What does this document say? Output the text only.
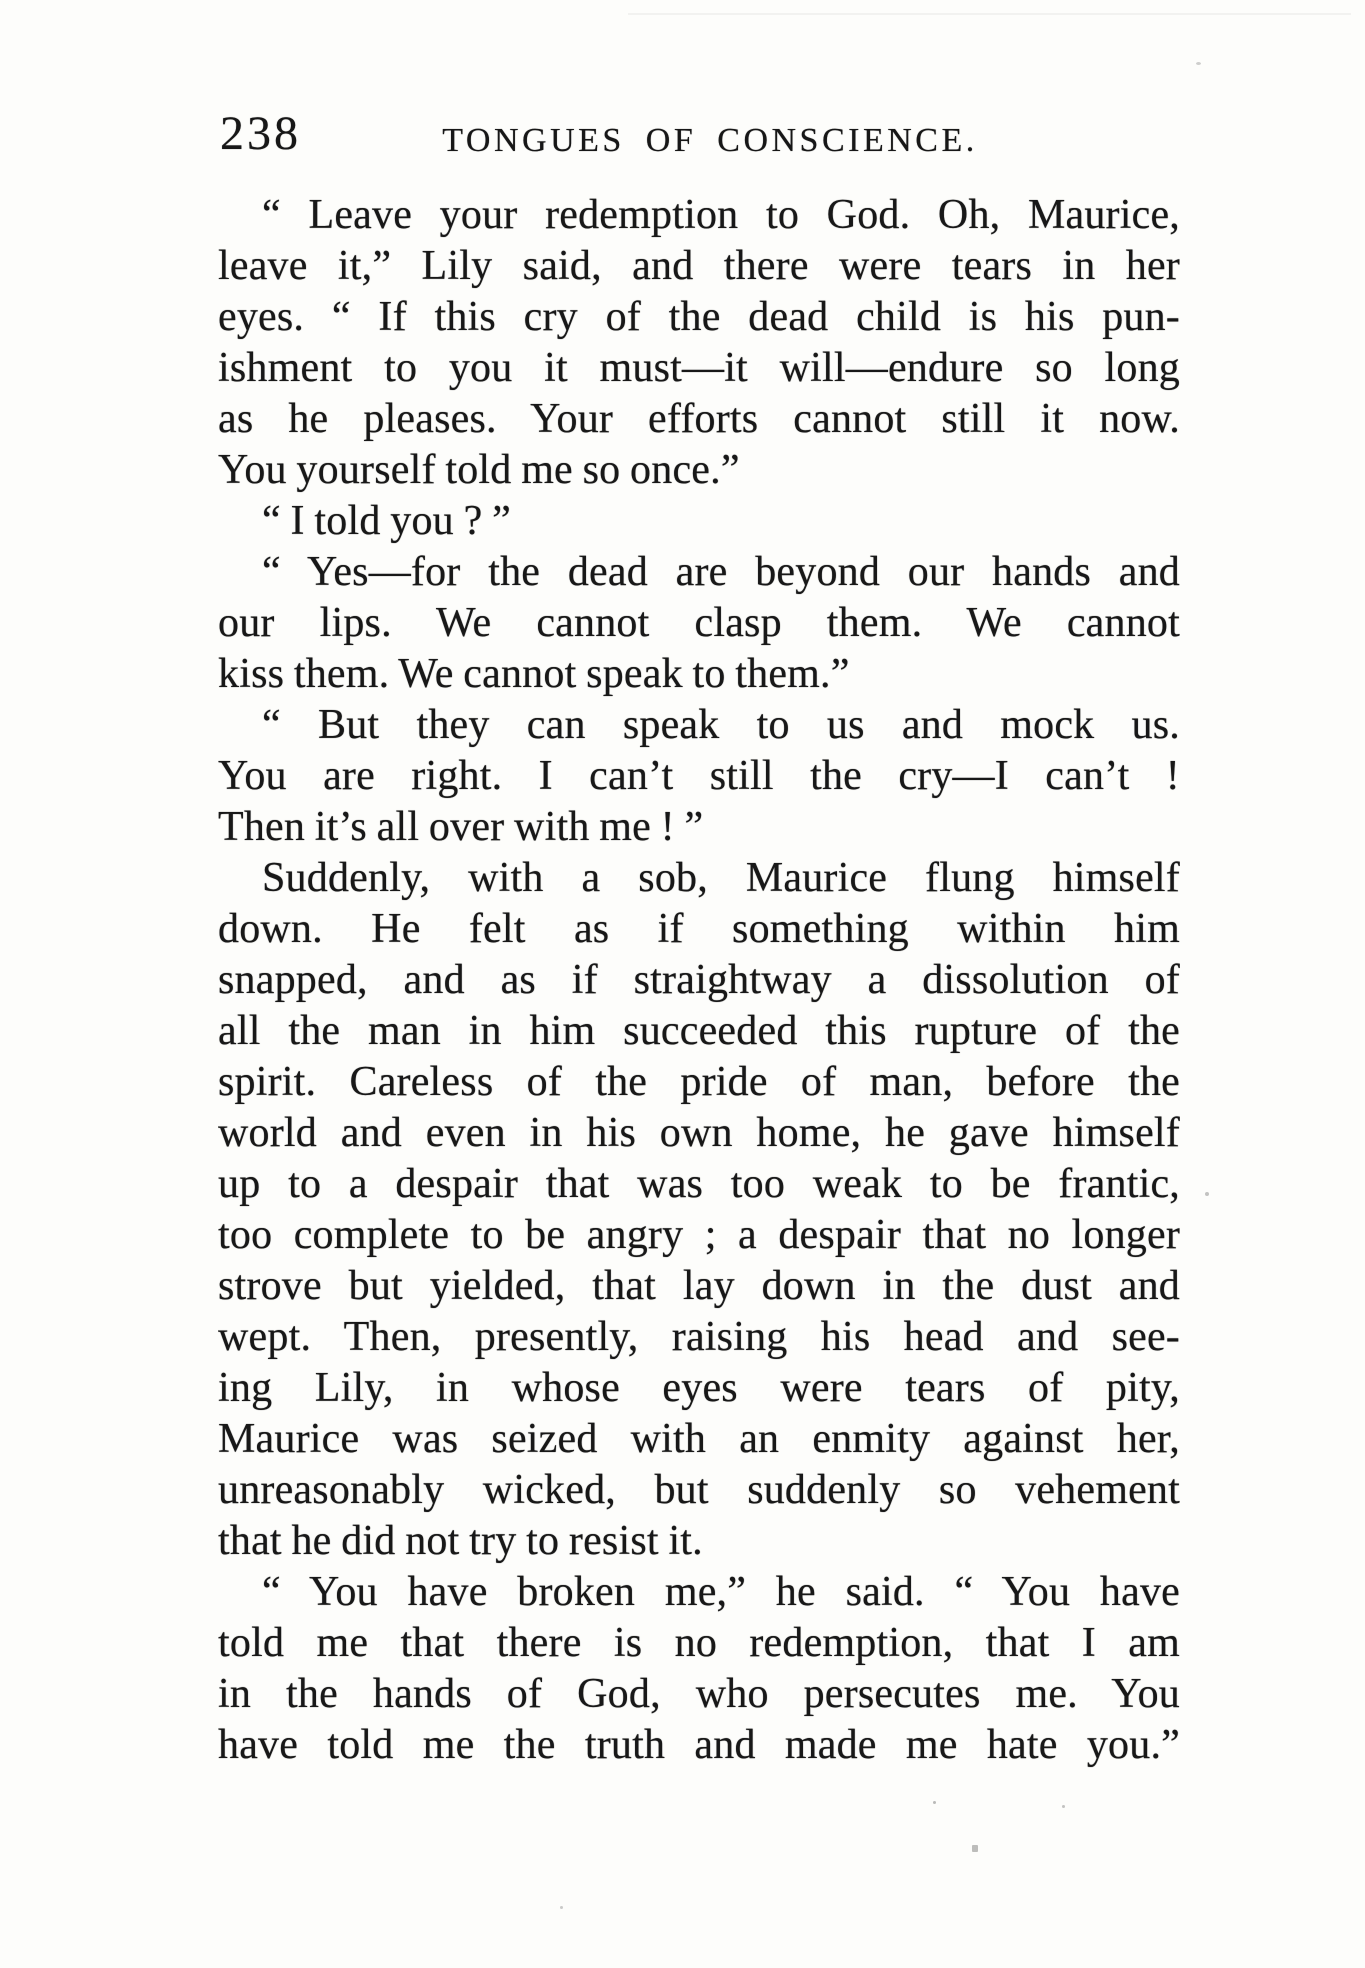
238	TONGUES OF CONSCIENCE.
“ Leave your redemption to God. Oh, Maurice,
leave it,” Lily said, and there were tears in her
eyes. “ If this cry of the dead child is his pun-
ishment to you it must—it will—endure so long
as he pleases. Your efforts cannot still it now.
You yourself told me so once.”
“ I told you ? ”
“ Yes—for the dead are beyond our hands and
our lips. We cannot clasp them. We cannot
kiss them. We cannot speak to them.”
“ But they can speak to us and mock us.
You are right. I can’t still the cry—I can’t !
Then it’s all over with me ! ”
Suddenly, with a sob, Maurice flung himself
down. He felt as if something within him
snapped, and as if straightway a dissolution of
all the man in him succeeded this rupture of the
spirit. Careless of the pride of man, before the
world and even in his own home, he gave himself
up to a despair that was too weak to be frantic,
too complete to be angry ; a despair that no longer
strove but yielded, that lay down in the dust and
wept. Then, presently, raising his head and see-
ing Lily, in whose eyes were tears of pity,
Maurice was seized with an enmity against her,
unreasonably wicked, but suddenly so vehement
that he did not try to resist it.
“ You have broken me,” he said. “ You have
told me that there is no redemption, that I am
in the hands of God, who persecutes me. You
have told me the truth and made me hate you.”
